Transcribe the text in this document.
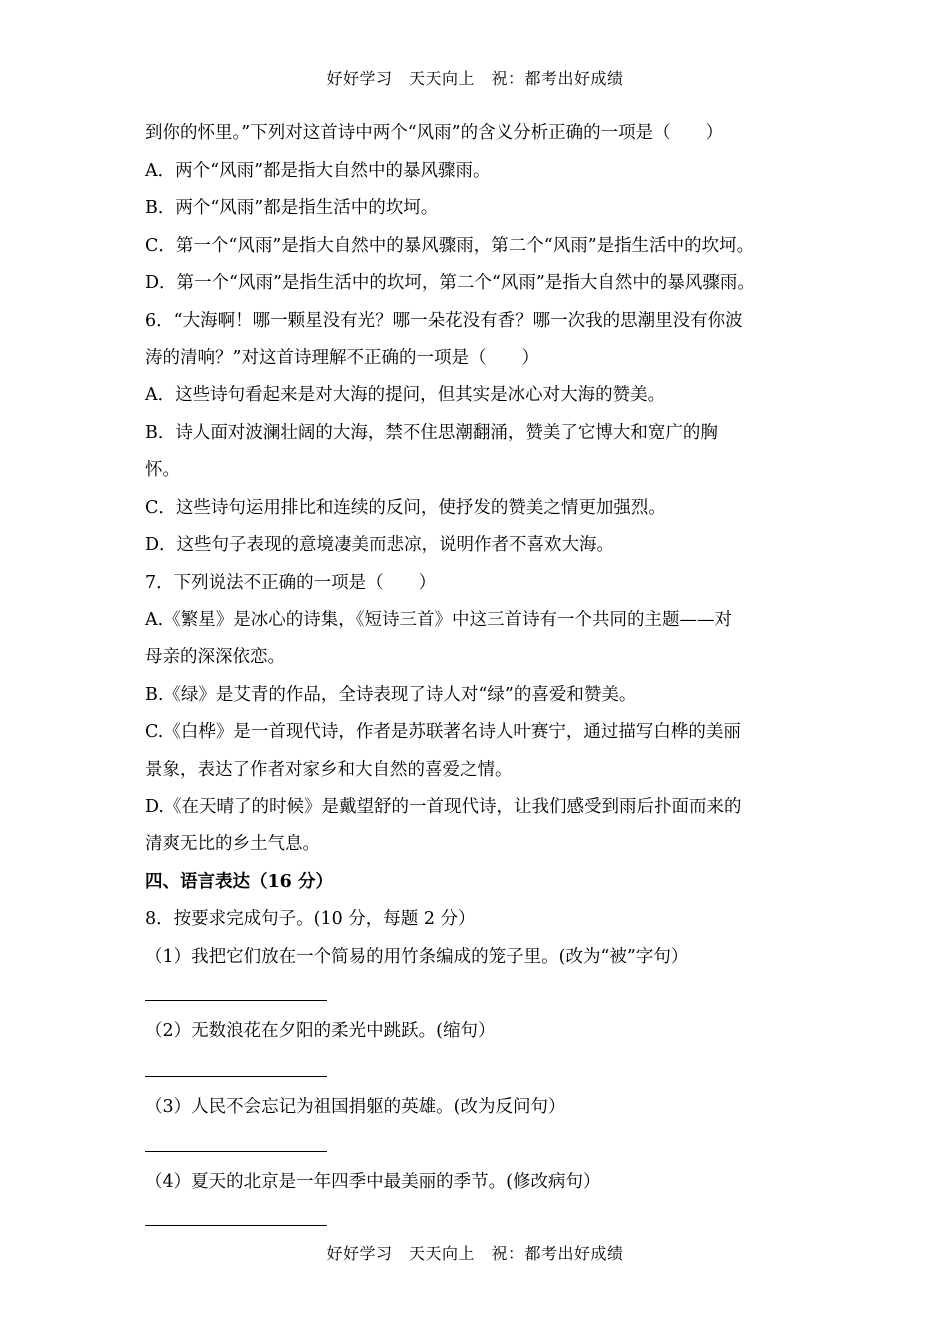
好好学习　天天向上　祝：都考出好成绩
到你的怀里。”下列对这首诗中两个“风雨”的含义分析正确的一项是（　　）
A．两个“风雨”都是指大自然中的暴风骤雨。
B．两个“风雨”都是指生活中的坎坷。
C．第一个“风雨”是指大自然中的暴风骤雨，第二个“风雨”是指生活中的坎坷。
D．第一个“风雨”是指生活中的坎坷，第二个“风雨”是指大自然中的暴风骤雨。
6．“大海啊！哪一颗星没有光？哪一朵花没有香？哪一次我的思潮里没有你波
涛的清响？”对这首诗理解不正确的一项是（　　）
A．这些诗句看起来是对大海的提问，但其实是冰心对大海的赞美。
B．诗人面对波澜壮阔的大海，禁不住思潮翻涌，赞美了它博大和宽广的胸
怀。
C．这些诗句运用排比和连续的反问，使抒发的赞美之情更加强烈。
D．这些句子表现的意境凄美而悲凉，说明作者不喜欢大海。
7．下列说法不正确的一项是（　　）
A.《繁星》是冰心的诗集，《短诗三首》中这三首诗有一个共同的主题——对
母亲的深深依恋。
B.《绿》是艾青的作品，全诗表现了诗人对“绿”的喜爱和赞美。
C.《白桦》是一首现代诗，作者是苏联著名诗人叶赛宁，通过描写白桦的美丽
景象，表达了作者对家乡和大自然的喜爱之情。
D.《在天晴了的时候》是戴望舒的一首现代诗，让我们感受到雨后扑面而来的
清爽无比的乡土气息。
四、语言表达（16 分）
8．按要求完成句子。(10 分，每题 2 分）
（1）我把它们放在一个简易的用竹条编成的笼子里。(改为“被”字句）
（2）无数浪花在夕阳的柔光中跳跃。(缩句）
（3）人民不会忘记为祖国捐躯的英雄。(改为反问句）
（4）夏天的北京是一年四季中最美丽的季节。(修改病句）
好好学习　天天向上　祝：都考出好成绩
